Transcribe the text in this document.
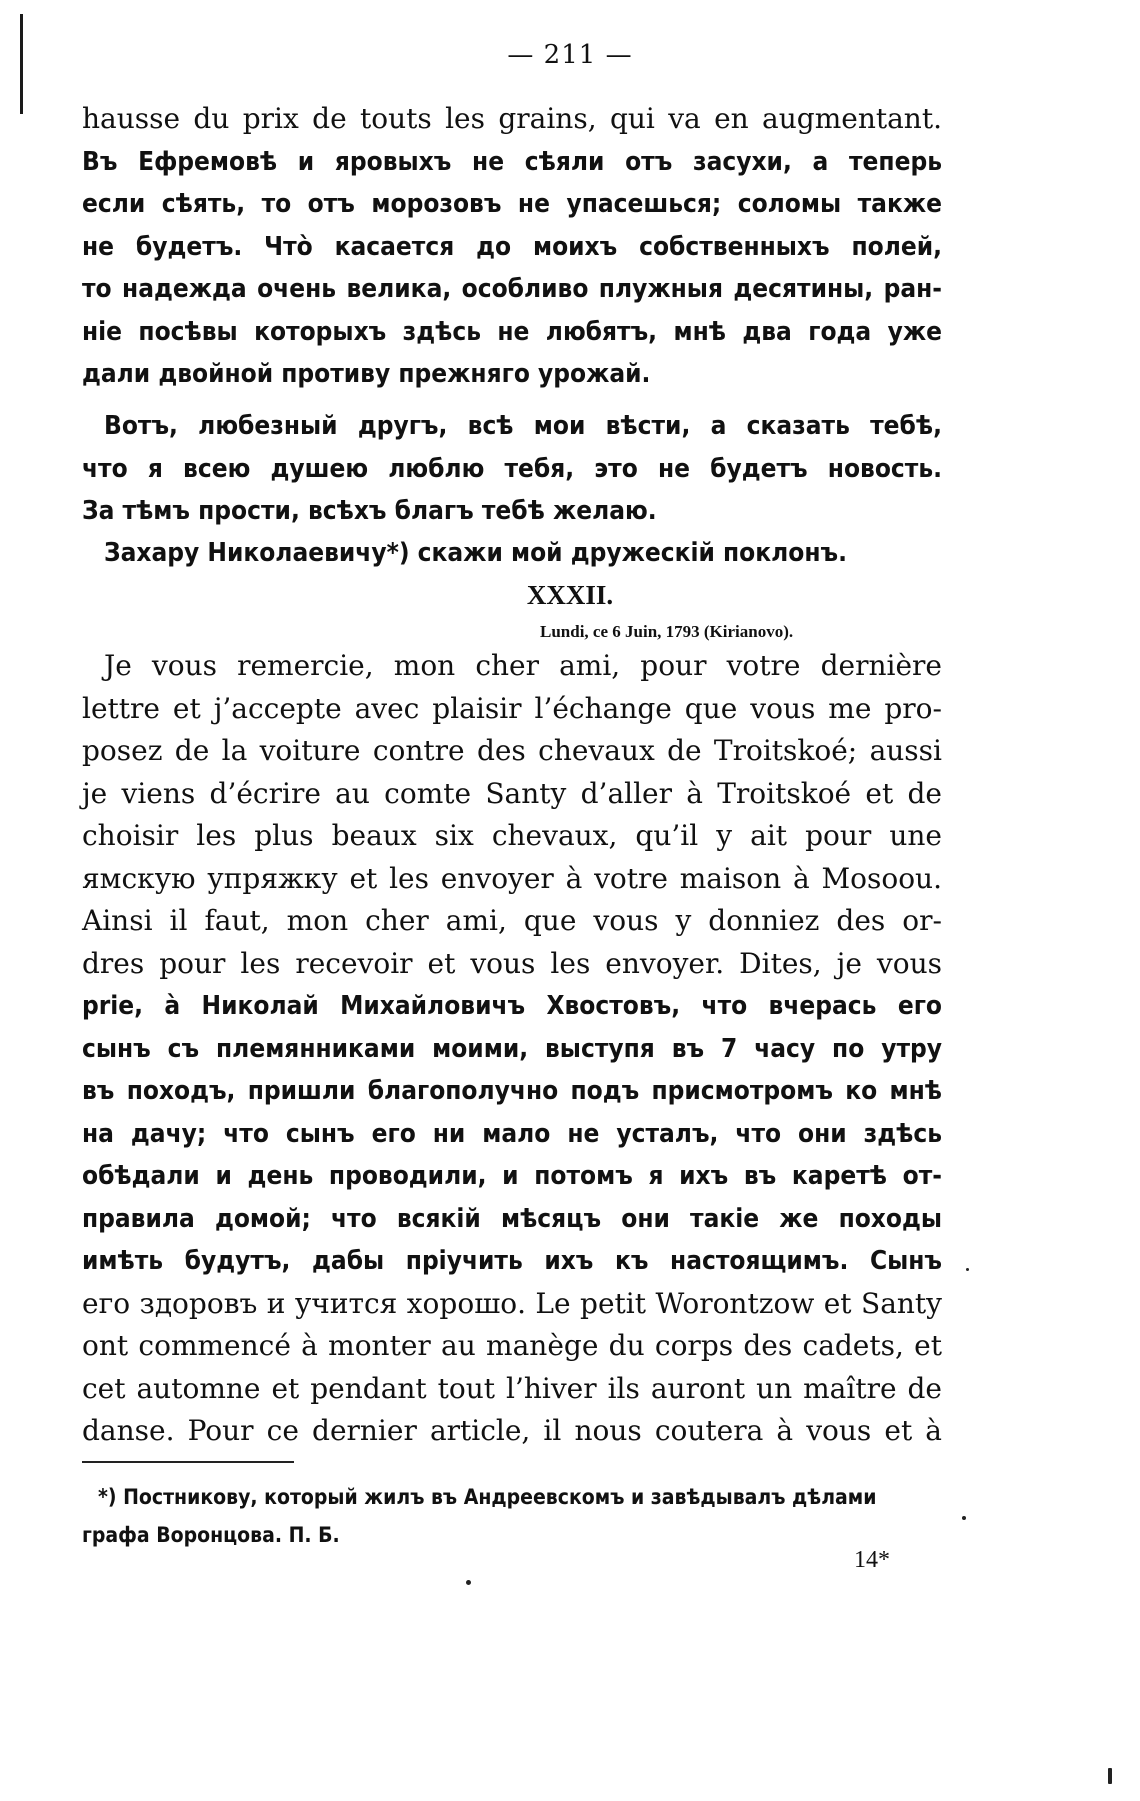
— 211 —
hausse du prix de touts les grains, qui va en augmentant.
Въ Ефремовѣ и яровыхъ не сѣяли отъ засухи, а теперь
если сѣять, то отъ морозовъ не упасешься; соломы также
не будетъ. Чтò касается до моихъ собственныхъ полей,
то надежда очень велика, особливо плужныя десятины, ран-
ніе посѣвы которыхъ здѣсь не любятъ, мнѣ два года уже
дали двойной противу прежняго урожай.
Вотъ, любезный другъ, всѣ мои вѣсти, а сказать тебѣ,
что я всею душею люблю тебя, это не будетъ новость.
За тѣмъ прости, всѣхъ благъ тебѣ желаю.
Захару Николаевичу*) скажи мой дружескій поклонъ.
XXXII.
Lundi, ce 6 Juin, 1793 (Kirianovo).
Je vous remercie, mon cher ami, pour votre dernière
lettre et j’accepte avec plaisir l’échange que vous me pro-
posez de la voiture contre des chevaux de Troitskoé; aussi
je viens d’écrire au comte Santy d’aller à Troitskoé et de
choisir les plus beaux six chevaux, qu’il y ait pour une
ямскую упряжку et les envoyer à votre maison à Mosoou.
Ainsi il faut, mon cher ami, que vous y donniez des or-
dres pour les recevoir et vous les envoyer. Dites, je vous
prie, à Николай Михайловичъ Хвостовъ, что вчерась его
сынъ съ племянниками моими, выступя въ 7 часу по утру
въ походъ, пришли благополучно подъ присмотромъ ко мнѣ
на дачу; что сынъ его ни мало не усталъ, что они здѣсь
обѣдали и день проводили, и потомъ я ихъ въ каретѣ от-
правила домой; что всякій мѣсяцъ они такіе же походы
имѣть будутъ, дабы пріучить ихъ къ настоящимъ. Сынъ
его здоровъ и учится хорошо. Le petit Worontzow et Santy
ont commencé à monter au manège du corps des cadets, et
cet automne et pendant tout l’hiver ils auront un maître de
danse. Pour ce dernier article, il nous coutera à vous et à
*) Постникову, который жилъ въ Андреевскомъ и завѣдывалъ дѣлами
графа Воронцова. П. Б.
14*
